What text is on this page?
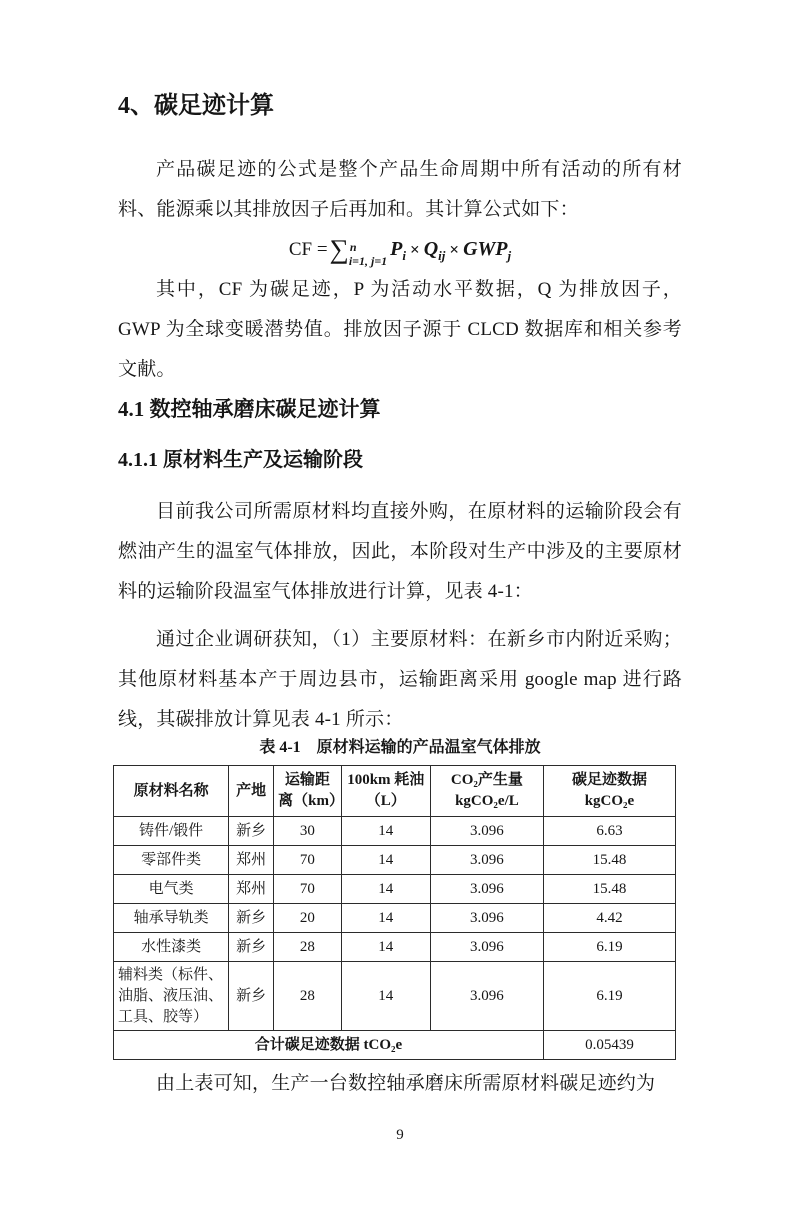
4、碳足迹计算

产品碳足迹的公式是整个产品生命周期中所有活动的所有材料、能源乘以其排放因子后再加和。其计算公式如下：

CF =∑ n
i=1, j=1
$P_i \times Q_{ij} \times GWP_j$

其中，CF 为碳足迹，P 为活动水平数据，Q 为排放因子，GWP 为全球变暖潜势值。排放因子源于 CLCD 数据库和相关参考文献。

4.1 数控轴承磨床碳足迹计算
4.1.1 原材料生产及运输阶段

目前我公司所需原材料均直接外购，在原材料的运输阶段会有燃油产生的温室气体排放，因此，本阶段对生产中涉及的主要原材料的运输阶段温室气体排放进行计算，见表 4-1：

通过企业调研获知，（1）主要原材料：在新乡市内附近采购；其他原材料基本产于周边县市，运输距离采用 google map 进行路线，其碳排放计算见表 4-1 所示：

表 4-1　原材料运输的产品温室气体排放
原材料名称	产地	运输距离（km）	100km 耗油（L）	CO₂产生量 kgCO₂e/L	碳足迹数据 kgCO₂e
铸件/锻件	新乡	30	14	3.096	6.63
零部件类	郑州	70	14	3.096	15.48
电气类	郑州	70	14	3.096	15.48
轴承导轨类	新乡	20	14	3.096	4.42
水性漆类	新乡	28	14	3.096	6.19
辅料类（标件、油脂、液压油、工具、胶等）	新乡	28	14	3.096	6.19
合计碳足迹数据 tCO₂e					0.05439

由上表可知，生产一台数控轴承磨床所需原材料碳足迹约为

9
